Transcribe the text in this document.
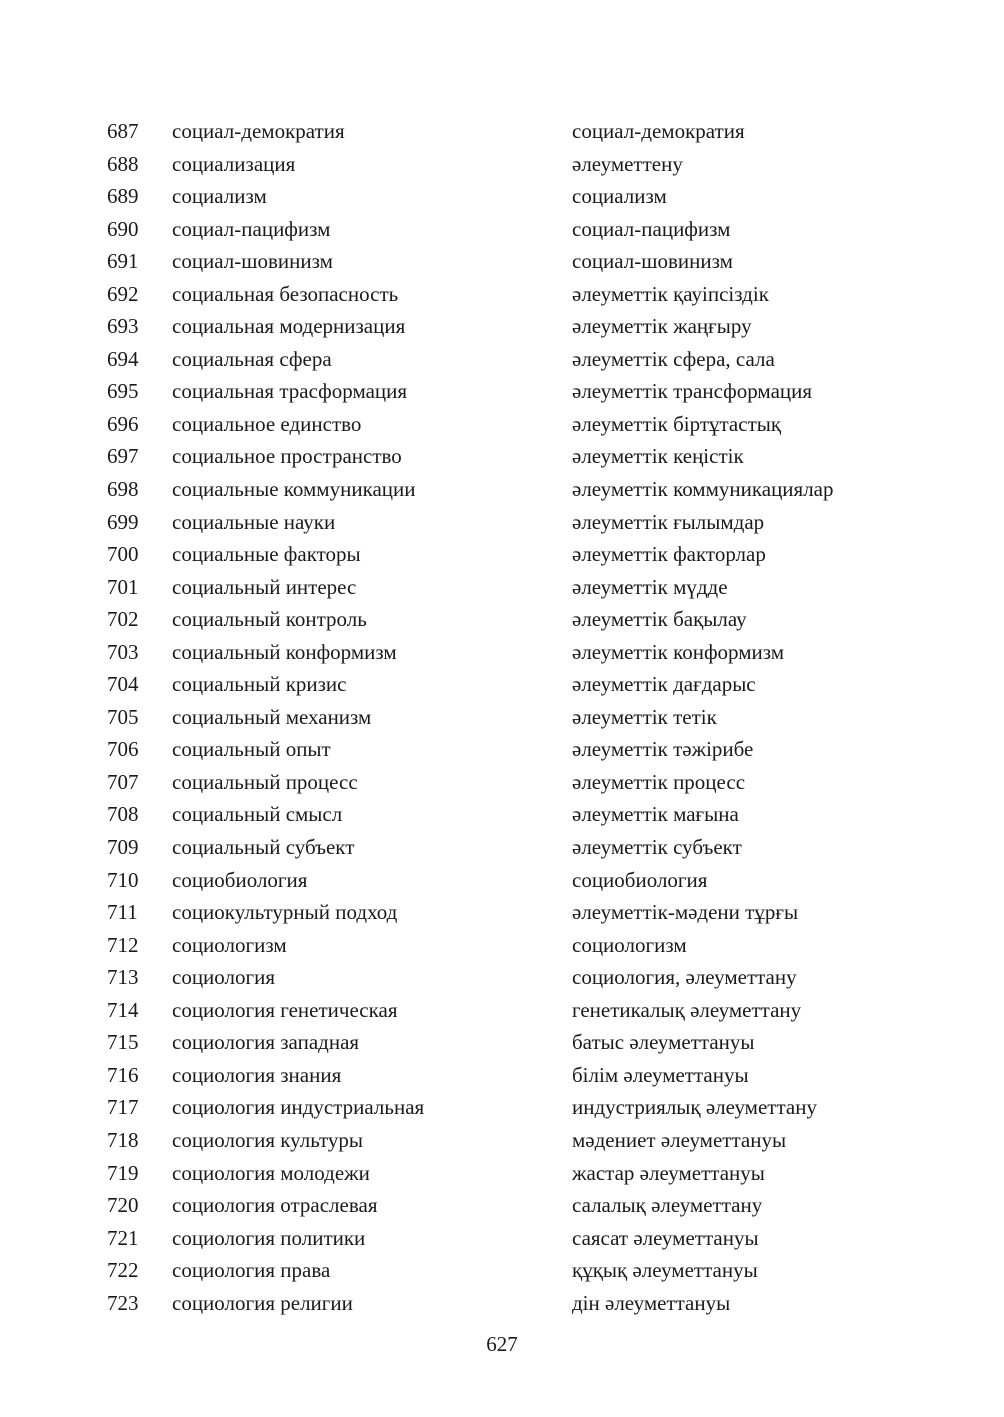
687 социал-демократия	социал-демократия
688 социализация	әлеуметтену
689 социализм	социализм
690 социал-пацифизм	социал-пацифизм
691 социал-шовинизм	социал-шовинизм
692 социальная безопасность	әлеуметтік қауіпсіздік
693 социальная модернизация	әлеуметтік жаңғыру
694 социальная сфера	әлеуметтік сфера, сала
695 социальная трасформация	әлеуметтік трансформация
696 социальное единство	әлеуметтік біртұтастық
697 социальное пространство	әлеуметтік кеңістік
698 социальные коммуникации	әлеуметтік коммуникациялар
699 социальные науки	әлеуметтік ғылымдар
700 социальные факторы	әлеуметтік факторлар
701 социальный интерес	әлеуметтік мүдде
702 социальный контроль	әлеуметтік бақылау
703 социальный конформизм	әлеуметтік конформизм
704 социальный кризис	әлеуметтік дағдарыс
705 социальный механизм	әлеуметтік тетік
706 социальный опыт	әлеуметтік тәжірибе
707 социальный процесс	әлеуметтік процесс
708 социальный смысл	әлеуметтік мағына
709 социальный субъект	әлеуметтік субъект
710 социобиология	социобиология
711 социокультурный подход	әлеуметтік-мәдени тұрғы
712 социологизм	социологизм
713 социология	социология, әлеуметтану
714 социология генетическая	генетикалық әлеуметтану
715 социология западная	батыс әлеуметтануы
716 социология знания	білім әлеуметтануы
717 социология индустриальная	индустриялық әлеуметтану
718 социология культуры	мәдениет әлеуметтануы
719 социология молодежи	жастар әлеуметтануы
720 социология отраслевая	салалық әлеуметтану
721 социология политики	саясат әлеуметтануы
722 социология права	құқық әлеуметтануы
723 социология религии	дін әлеуметтануы
627
